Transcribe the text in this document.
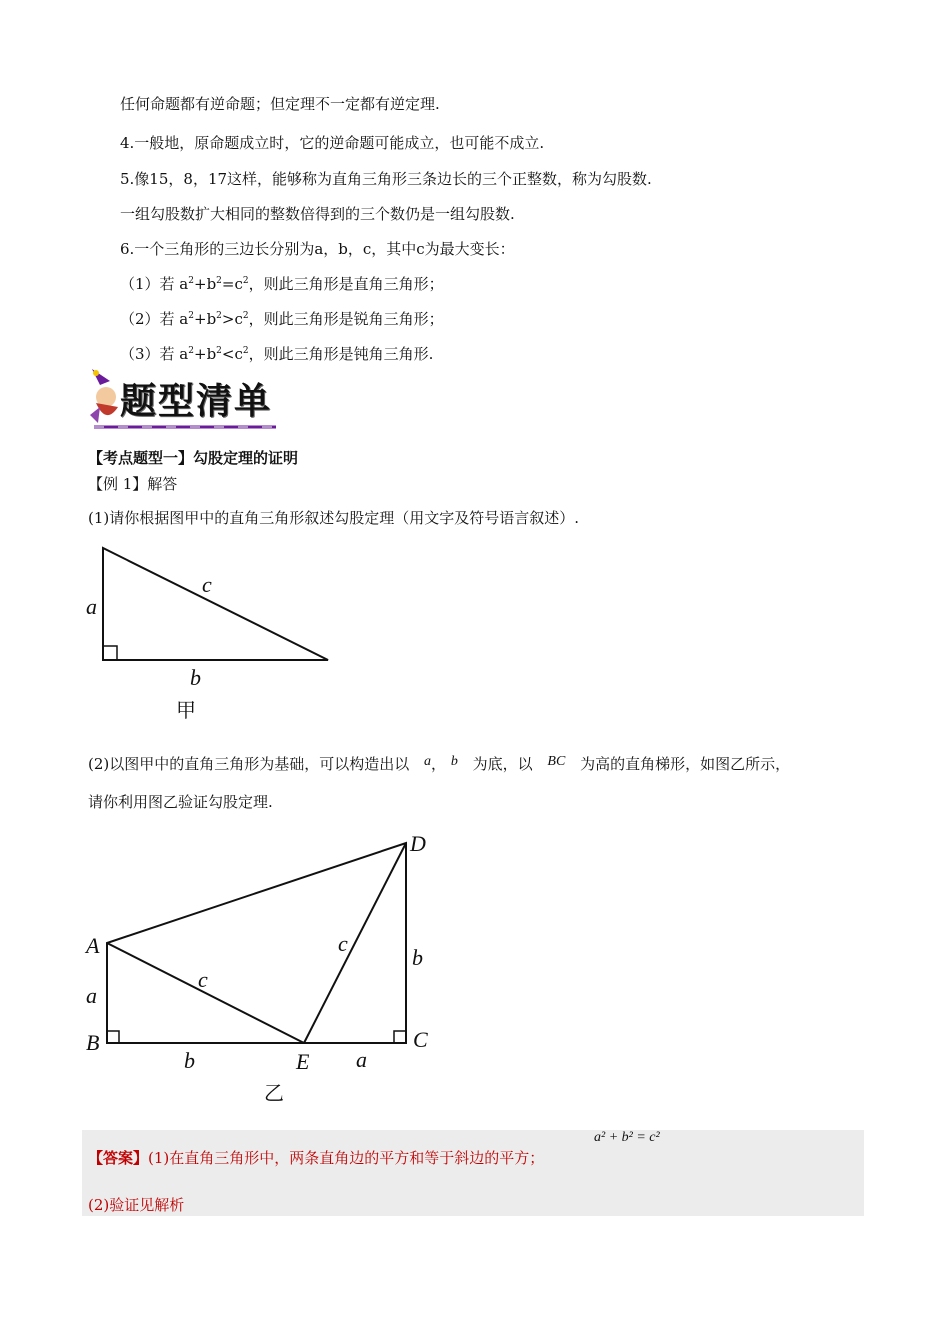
任何命题都有逆命题；但定理不一定都有逆定理.
4.一般地，原命题成立时，它的逆命题可能成立，也可能不成立.
5.像15，8，17这样，能够称为直角三角形三条边长的三个正整数，称为勾股数.
一组勾股数扩大相同的整数倍得到的三个数仍是一组勾股数.
6.一个三角形的三边长分别为a，b，c，其中c为最大变长：
（1）若 $a^2+b^2=c^2$，则此三角形是直角三角形；
（2）若 $a^2+b^2>c^2$，则此三角形是锐角三角形；
（3）若 $a^2+b^2<c^2$，则此三角形是钝角三角形.
题型清单
【考点题型一】勾股定理的证明
【例 1】解答
(1)请你根据图甲中的直角三角形叙述勾股定理（用文字及符号语言叙述）.
a
c
b
甲
(2)以图甲中的直角三角形为基础，可以构造出以 a， b 为底，以 BC 为高的直角梯形，如图乙所示，
请你利用图乙验证勾股定理.
A
B	C
D
E
a
a
b
b
c
c
乙
【答案】(1)在直角三角形中，两条直角边的平方和等于斜边的平方；
a² + b² = c²
(2)验证见解析
